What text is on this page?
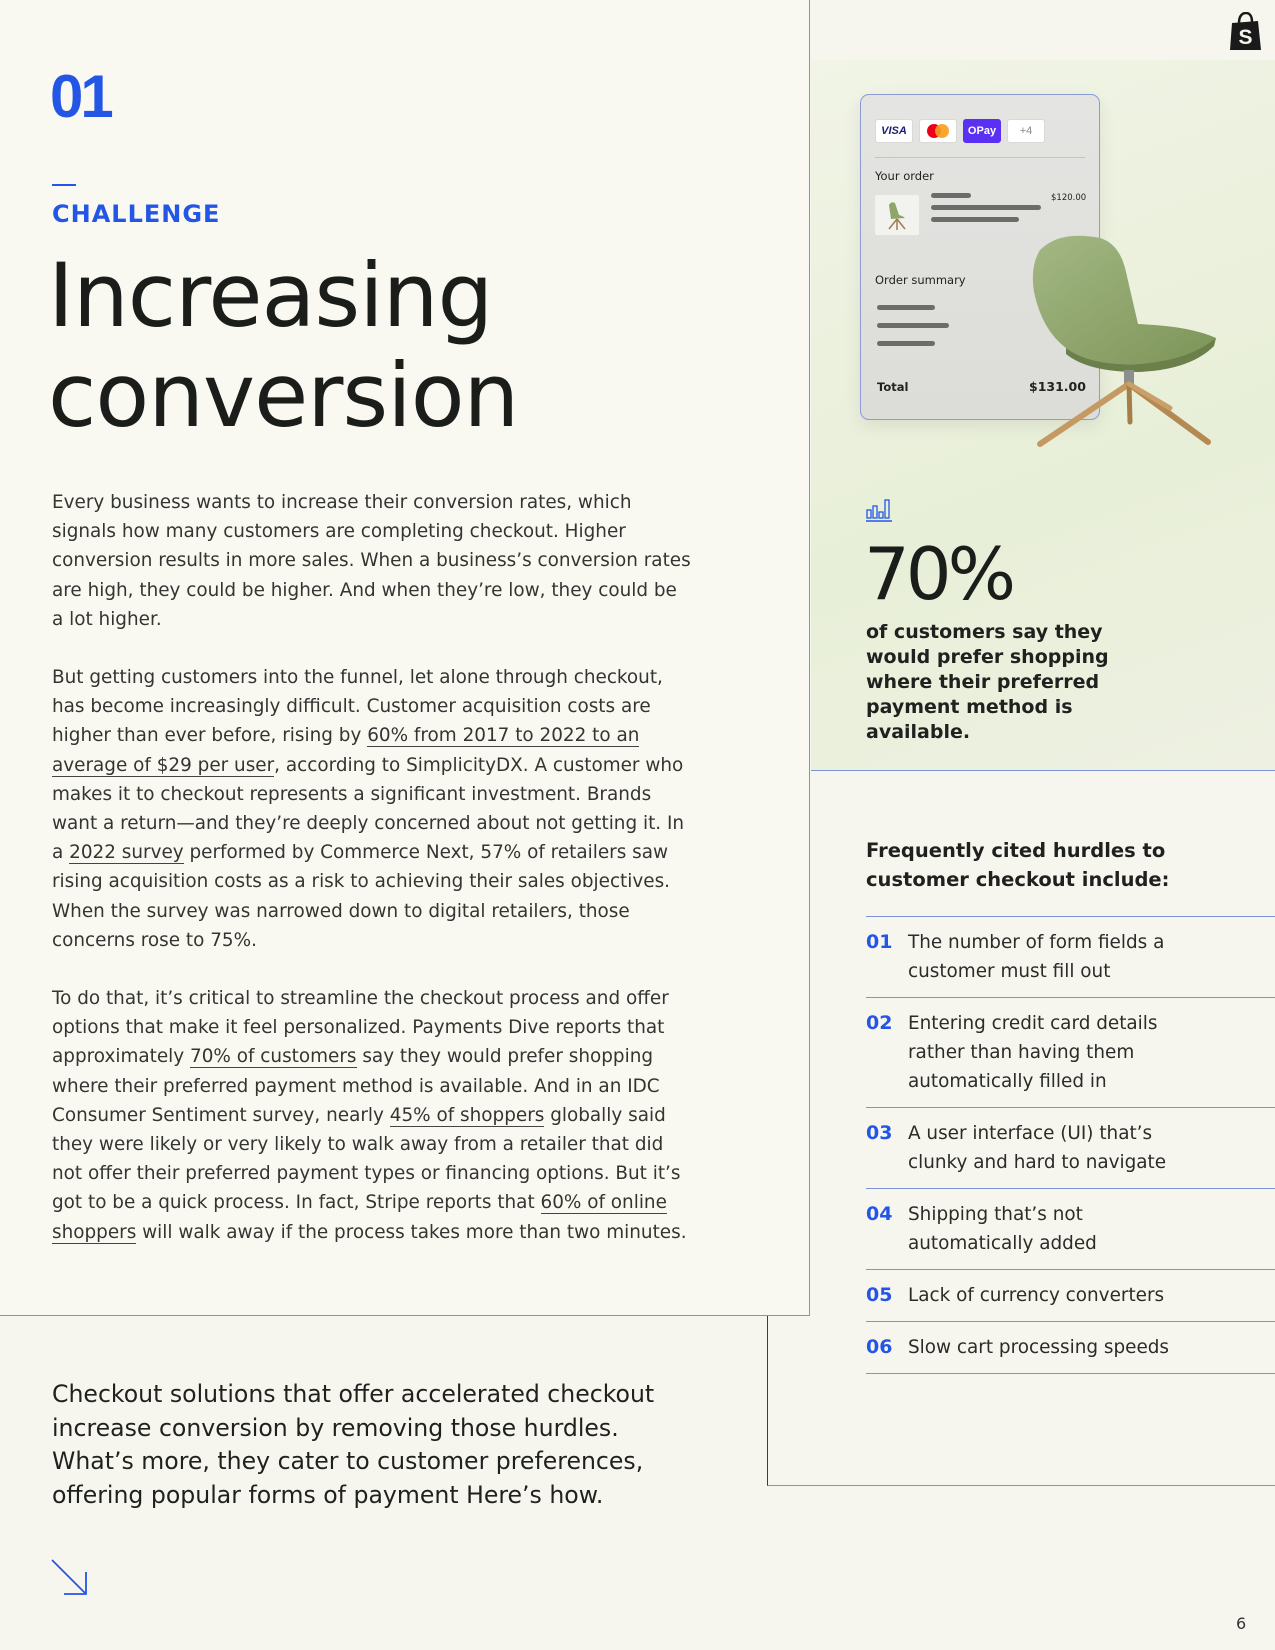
S
01
CHALLENGE
Increasing
conversion

Every business wants to increase their conversion rates, which signals how many customers are completing checkout. Higher conversion results in more sales. When a business’s conversion rates are high, they could be higher. And when they’re low, they could be a lot higher.

But getting customers into the funnel, let alone through checkout, has become increasingly difficult. Customer acquisition costs are higher than ever before, rising by 60% from 2017 to 2022 to an average of $29 per user, according to SimplicityDX. A customer who makes it to checkout represents a significant investment. Brands want a return—and they’re deeply concerned about not getting it. In a 2022 survey performed by Commerce Next, 57% of retailers saw rising acquisition costs as a risk to achieving their sales objectives. When the survey was narrowed down to digital retailers, those concerns rose to 75%.

To do that, it’s critical to streamline the checkout process and offer options that make it feel personalized. Payments Dive reports that approximately 70% of customers say they would prefer shopping where their preferred payment method is available. And in an IDC Consumer Sentiment survey, nearly 45% of shoppers globally said they were likely or very likely to walk away from a retailer that did not offer their preferred payment types or financing options. But it’s got to be a quick process. In fact, Stripe reports that 60% of online shoppers will walk away if the process takes more than two minutes.

Checkout solutions that offer accelerated checkout increase conversion by removing those hurdles. What’s more, they cater to customer preferences, offering popular forms of payment Here’s how.
6
VISA	OPay	+4
Your order
$120.00
Order summary
Total	$131.00
70%
of customers say they would prefer shopping where their preferred payment method is available.
Frequently cited hurdles to customer checkout include:
01 The number of form fields a customer must fill out
02 Entering credit card details rather than having them automatically filled in
03 A user interface (UI) that’s clunky and hard to navigate
04 Shipping that’s not automatically added
05 Lack of currency converters
06 Slow cart processing speeds
